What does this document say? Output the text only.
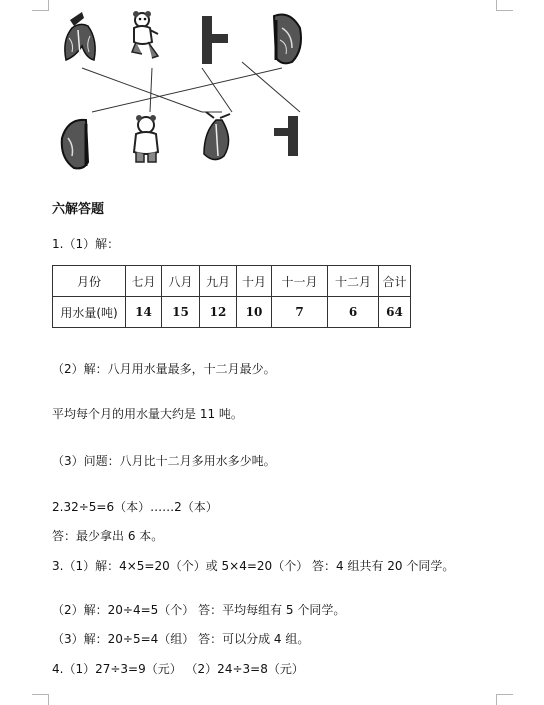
六解答题
1.（1）解：
月份	七月	八月	九月	十月	十一月	十二月	合计
用水量(吨)	14	15	12	10	7	6	64
（2）解：八月用水量最多，十二月最少。
平均每个月的用水量大约是 11 吨。
（3）问题：八月比十二月多用水多少吨。
2.32÷5=6（本）……2（本）
答：最少拿出 6 本。
3.（1）解：4×5=20（个）或 5×4=20（个） 答：4 组共有 20 个同学。
（2）解：20÷4=5（个） 答：平均每组有 5 个同学。
（3）解：20÷5=4（组） 答：可以分成 4 组。
4.（1）27÷3=9（元） （2）24÷3=8（元）
